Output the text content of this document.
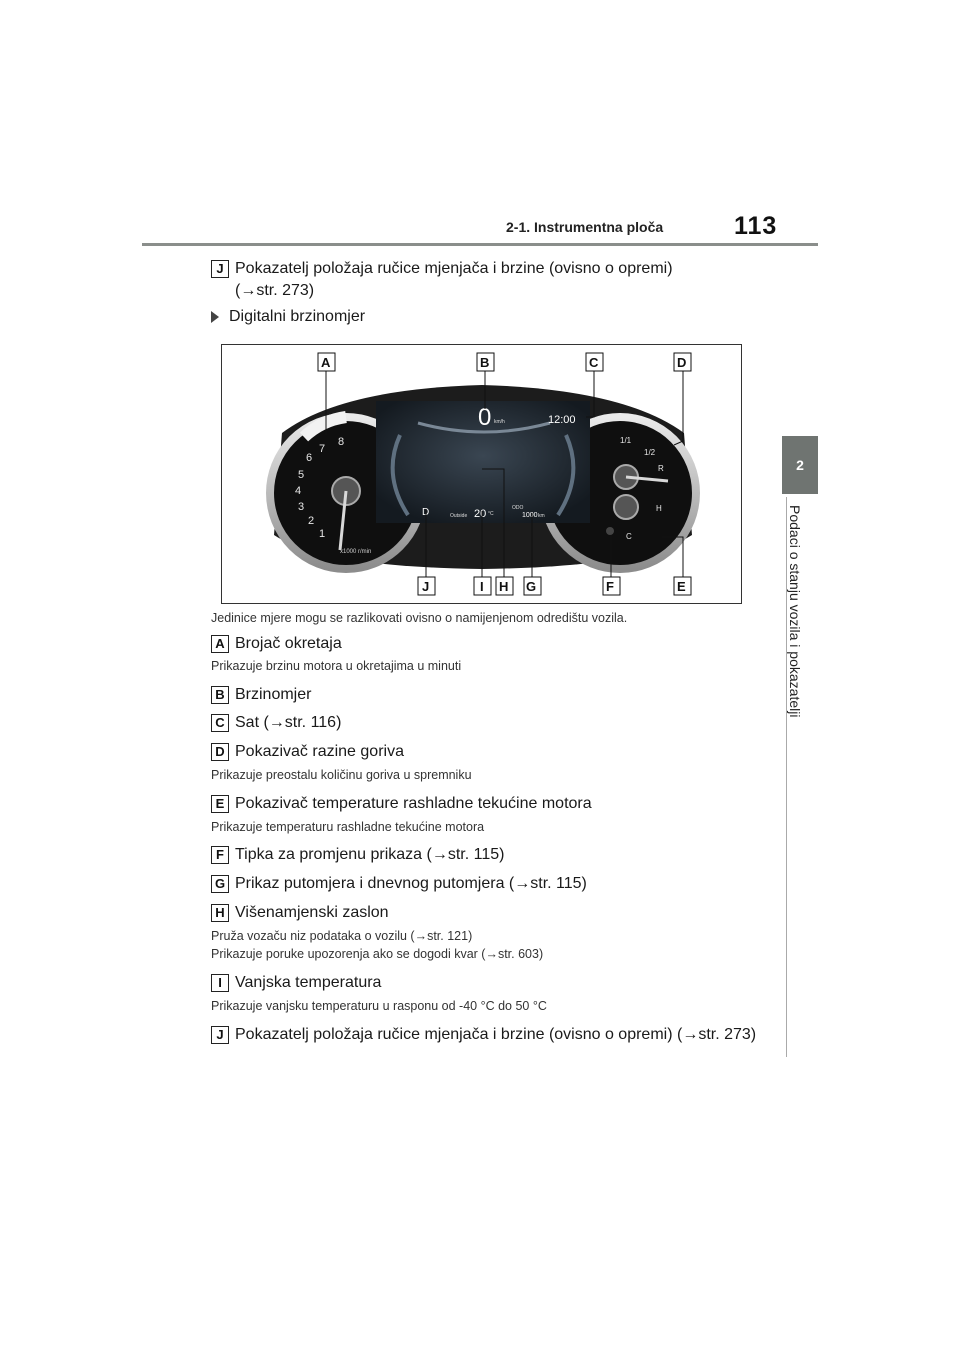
2-1. Instrumentna ploča	113
2
Podaci o stanju vozila i pokazatelji
J Pokazatelj položaja ručice mjenjača i brzine (ovisno o opremi)
(→str. 273)
Digitalni brzinomjer
1
2
3
4
5
6
7
8
x1000 r/min
1/1
1/2
R
H
C
0 km/h	12:00
D	Outside 20 °C
ODO
1000 km
A	B	C	D
J	I H G	F	E
Jedinice mjere mogu se razlikovati ovisno o namijenjenom odredištu vozila.
A Brojač okretaja
Prikazuje brzinu motora u okretajima u minuti
B Brzinomjer
C Sat (→str. 116)
D Pokazivač razine goriva
Prikazuje preostalu količinu goriva u spremniku
E Pokazivač temperature rashladne tekućine motora
Prikazuje temperaturu rashladne tekućine motora
F Tipka za promjenu prikaza (→str. 115)
G Prikaz putomjera i dnevnog putomjera (→str. 115)
H Višenamjenski zaslon
Pruža vozaču niz podataka o vozilu (→str. 121)
Prikazuje poruke upozorenja ako se dogodi kvar (→str. 603)
I Vanjska temperatura
Prikazuje vanjsku temperaturu u rasponu od -40 °C do 50 °C
J Pokazatelj položaja ručice mjenjača i brzine (ovisno o opremi) (→str. 273)
